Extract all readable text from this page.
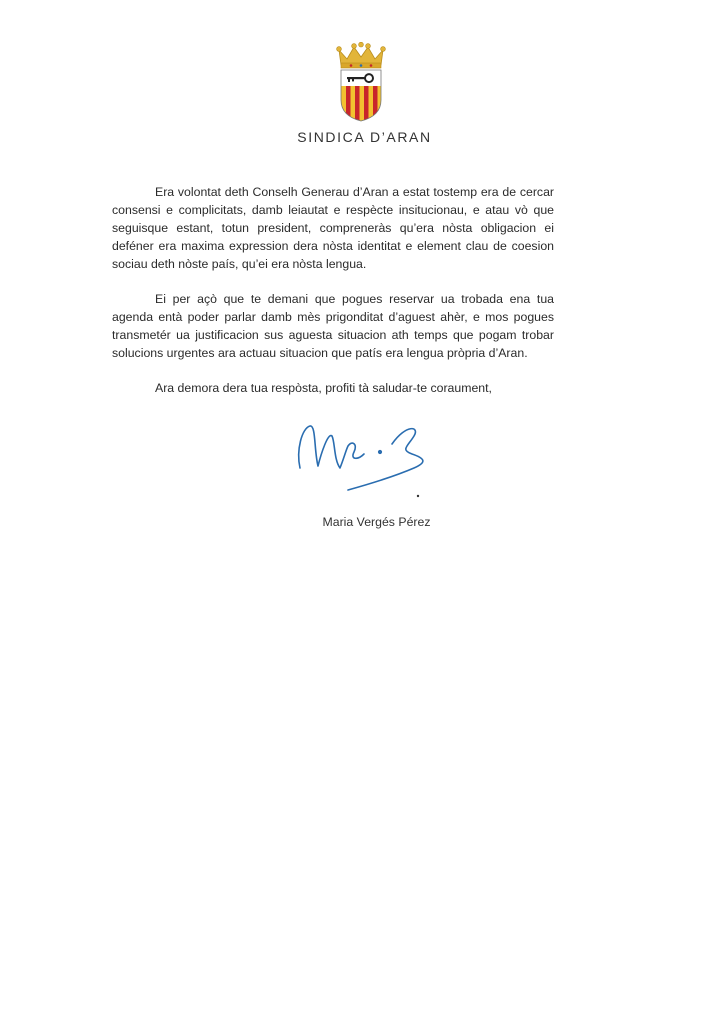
SINDICA D’ARAN

Era volontat deth Conselh Generau d’Aran a estat tostemp era de cercar consensi e complicitats, damb leiautat e respècte insitucionau, e atau vò que seguisque estant, totun president, compreneràs qu’era nòsta obligacion ei deféner era maxima expression dera nòsta identitat e element clau de coesion sociau deth nòste país, qu’ei era nòsta lengua.

Ei per açò que te demani que pogues reservar ua trobada ena tua agenda entà poder parlar damb mès prigonditat d’aguest ahèr, e mos pogues transmetér ua justificacion sus aguesta situacion ath temps que pogam trobar solucions urgentes ara actuau situacion que patís era lengua pròpria d’Aran.

Ara demora dera tua respòsta, profiti tà saludar-te coraument,

Maria Vergés Pérez
